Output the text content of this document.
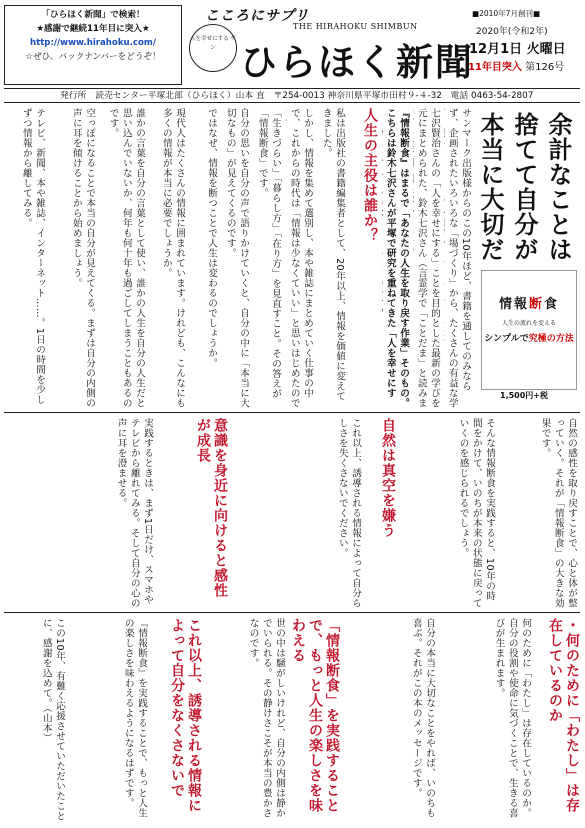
「ひらほく新聞」で検索！
★感謝で継続11年目に突入★
http://www.hirahoku.com/
☆ぜひ、バックナンバーをどうぞ！
こころにサプリ
人を幸せにする ゲン
THE HIRAHOKU SHIMBUN
ひらほく新聞
■2010年7月創刊■
2020年(令和2年)
12月1日 火曜日
11年目突入 第126号
発行所　読売センター平塚北部（ひらほく）山本 直　〒254-0013 神奈川県平塚市田村９-４-32　電話 0463-54-2807
余計なことは捨てて自分が本当に大切だ
情報断食
人生の流れを変える
シンプルで究極の方法
1,500円+税
サンマーク出版様からのこの10年ほど、書籍を通してのみならず、企画されたいろいろな「場づくり」から、たくさんの有益な学
七沢賢治さんの「人を幸せにする」ことを目的とした最新の学びを元にまとめられた、鈴木七沢さん（言霊学で「ことだま」と読みま
『情報断食』はまるで「あなたの人生を取り戻す作業」そのもの。こちらは鈴木七沢さんが平塚で研究を重ねてきた「人を幸せにす
人生の主役は誰か？
私は出版社の書籍編集者として、20年以上、情報を価値に変えてきました。
しかし、情報を集めて選別し、本や雑誌にまとめていく仕事の中で、これからの時代は「情報は少なくていい」と思いはじめたので
「生きづらい」「暮らし方」「在り方」を見直すこと。その答えが「情報断食」です。
自分の思いを自分の声で語りかけていくと、自分の中に「本当に大切なもの」が見えてくるのです。
ではなぜ、情報を断つことで人生は変わるのでしょうか。
現代人はたくさんの情報に囲まれています。けれども、こんなにも多くの情報が本当に必要でしょうか。
誰かの言葉を自分の言葉として使い、誰かの人生を自分の人生だと思い込んでいないか、何年も何十年も過ごしてしまうこともあるのです。
空っぽになることで本当の自分が見えてくる。まずは自分の内側の声に耳を傾けることから始めましょう。
テレビ、新聞、本や雑誌、インターネット……。1日の時間を少しずつ情報から離してみる。
自然の感性を取り戻すことで、心と体が整っていく。それが「情報断食」の大きな効果です。
そんな情報断食を実践すると、10年の時間をかけて、いのちが本来の状態に戻っていくのを感じられるでしょう。
自然は真空を嫌う
これ以上、誘導される情報によって自分らしさを失くさないでください。
意識を身近に向けると感性が成長
実践するときは、まず1日だけ、スマホやテレビから離れてみる。そして自分の心の声に耳を澄ませる。
・何のために「わたし」は存在しているのか
何のために「わたし」は存在しているのか。自分の役割や使命に気づくことで、生きる喜びが生まれます。
自分の本当に大切なことをやれば、いのちも喜ぶ。それがこの本のメッセージです。
「情報断食」を実践することで、もっと人生の楽しさを味わえる
世の中は騒がしいけれど、自分の内側は静かでいられる。その静けさこそが本当の豊かさなのです。
これ以上、誘導される情報によって自分をなくさないで
『情報断食』を実践することで、もっと人生の楽しさを味わえるようになるはずです。
この10年、有難く応援させていただいたことに、感謝を込めて。（山本）
